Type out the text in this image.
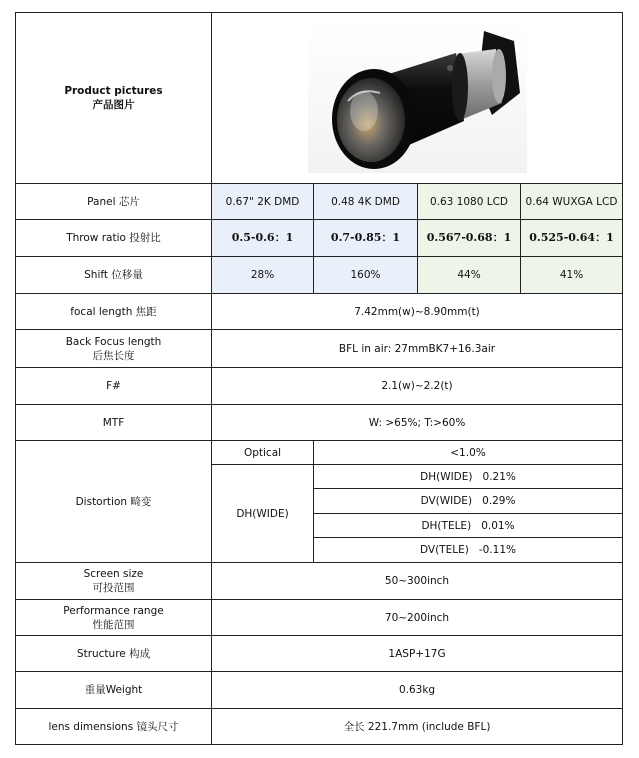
Product pictures
产品图片

Panel 芯片	0.67" 2K DMD	0.48 4K DMD	0.63 1080 LCD	0.64 WUXGA LCD
Throw ratio 投射比	0.5-0.6：1	0.7-0.85：1	0.567-0.68：1	0.525-0.64：1
Shift 位移量	28%	160%	44%	41%
focal length 焦距	7.42mm(w)~8.90mm(t)			

Back Focus length
后焦长度	BFL in air: 27mmBK7+16.3air			
F#	2.1(w)~2.2(t)			
MTF	W: >65%; T:>60%			
Distortion 畸变	Optical	<1.0%		
	DH(WIDE)	DH(WIDE) 0.21%		
		DV(WIDE) 0.29%		
		DH(TELE) 0.01%		
		DV(TELE) -0.11%		

Screen size
可投范围	50~300inch			

Performance range
性能范围	70~200inch			
Structure 构成	1ASP+17G			
重量Weight	0.63kg			
lens dimensions 镜头尺寸	全长 221.7mm (include BFL)			
